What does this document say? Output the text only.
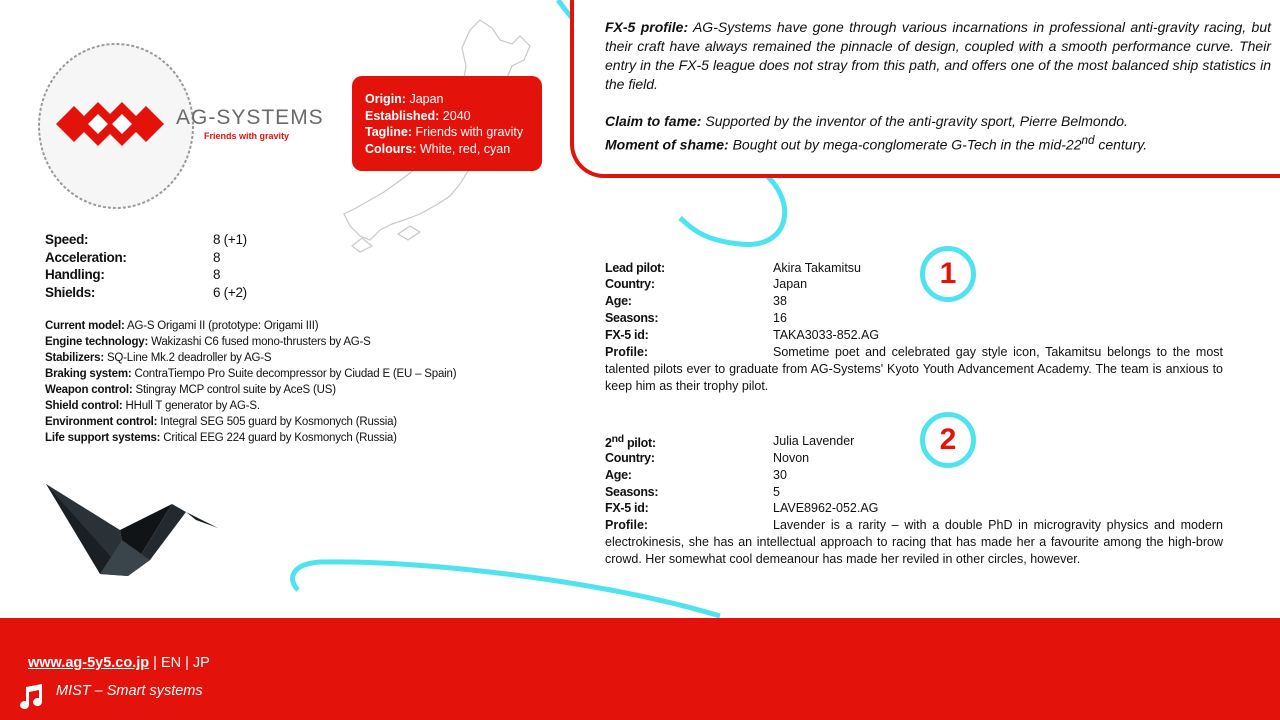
AG-SYSTEMS
Friends with gravity
Origin: Japan
Established: 2040
Tagline: Friends with gravity
Colours: White, red, cyan
FX-5 profile: AG-Systems have gone through various incarnations in professional anti-gravity racing, but their craft have always remained the pinnacle of design, coupled with a smooth performance curve. Their entry in the FX-5 league does not stray from this path, and offers one of the most balanced ship statistics in the field.
Claim to fame: Supported by the inventor of the anti-gravity sport, Pierre Belmondo.
Moment of shame: Bought out by mega-conglomerate G-Tech in the mid-22nd century.
Speed:	8 (+1)
Acceleration:	8
Handling:	8
Shields:	6 (+2)
Current model: AG-S Origami II (prototype: Origami III)
Engine technology: Wakizashi C6 fused mono-thrusters by AG-S
Stabilizers: SQ-Line Mk.2 deadroller by AG-S
Braking system: ContraTiempo Pro Suite decompressor by Ciudad E (EU – Spain)
Weapon control: Stingray MCP control suite by AceS (US)
Shield control: HHull T generator by AG-S.
Environment control: Integral SEG 505 guard by Kosmonych (Russia)
Life support systems: Critical EEG 224 guard by Kosmonych (Russia)
1
Lead pilot:	Akira Takamitsu
Country:	Japan
Age:	38
Seasons:	16
FX-5 id:	TAKA3033-852.AG
Profile:	Sometime poet and celebrated gay style icon, Takamitsu belongs to the most talented pilots ever to graduate from AG-Systems' Kyoto Youth Advancement Academy. The team is anxious to keep him as their trophy pilot.
2
2nd pilot:	Julia Lavender
Country:	Novon
Age:	30
Seasons:	5
FX-5 id:	LAVE8962-052.AG
Profile:	Lavender is a rarity – with a double PhD in microgravity physics and modern electrokinesis, she has an intellectual approach to racing that has made her a favourite among the high-brow crowd. Her somewhat cool demeanour has made her reviled in other circles, however.
www.ag-5y5.co.jp | EN | JP
MIST – Smart systems
